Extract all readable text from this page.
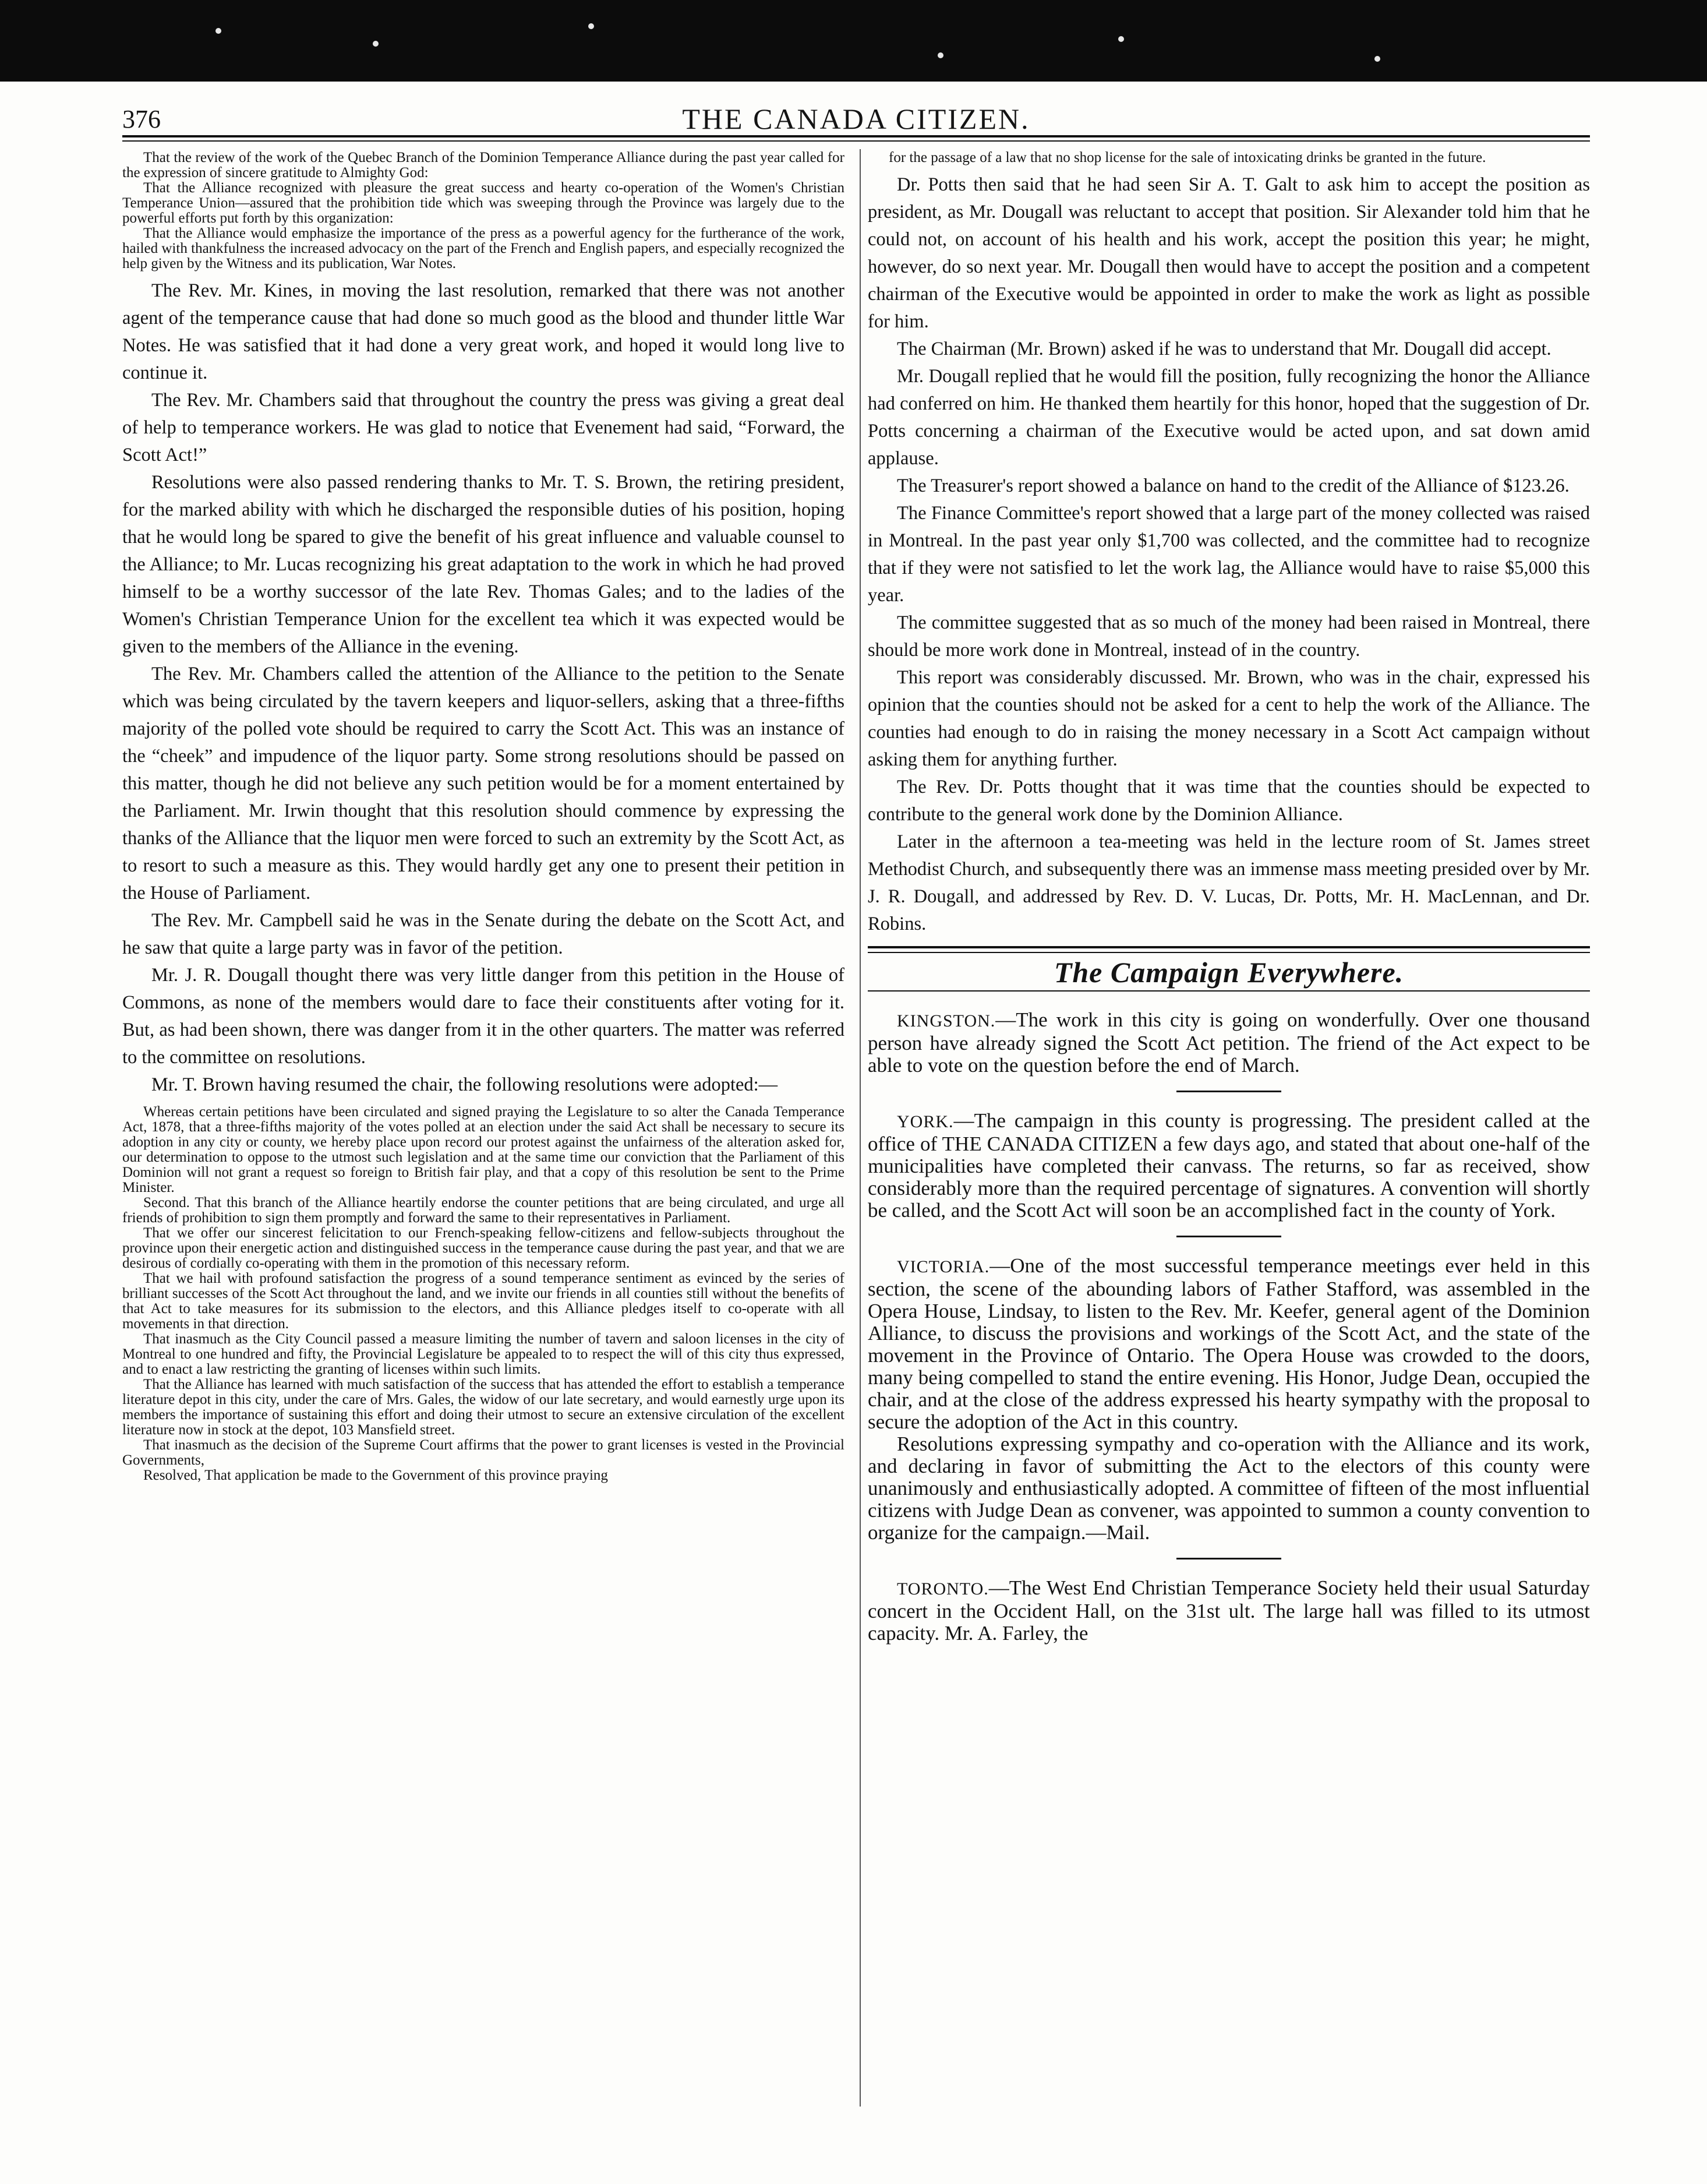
376	THE CANADA CITIZEN.

That the review of the work of the Quebec Branch of the Dominion Temperance Alliance during the past year called for the expression of sincere gratitude to Almighty God:

That the Alliance recognized with pleasure the great success and hearty co-operation of the Women's Christian Temperance Union—assured that the prohibition tide which was sweeping through the Province was largely due to the powerful efforts put forth by this organization:

That the Alliance would emphasize the importance of the press as a powerful agency for the furtherance of the work, hailed with thankfulness the increased advocacy on the part of the French and English papers, and especially recognized the help given by the Witness and its publication, War Notes.

The Rev. Mr. Kines, in moving the last resolution, remarked that there was not another agent of the temperance cause that had done so much good as the blood and thunder little War Notes. He was satisfied that it had done a very great work, and hoped it would long live to continue it.

The Rev. Mr. Chambers said that throughout the country the press was giving a great deal of help to temperance workers. He was glad to notice that Evenement had said, “Forward, the Scott Act!”

Resolutions were also passed rendering thanks to Mr. T. S. Brown, the retiring president, for the marked ability with which he discharged the responsible duties of his position, hoping that he would long be spared to give the benefit of his great influence and valuable counsel to the Alliance; to Mr. Lucas recognizing his great adaptation to the work in which he had proved himself to be a worthy successor of the late Rev. Thomas Gales; and to the ladies of the Women's Christian Temperance Union for the excellent tea which it was expected would be given to the members of the Alliance in the evening.

The Rev. Mr. Chambers called the attention of the Alliance to the petition to the Senate which was being circulated by the tavern keepers and liquor-sellers, asking that a three-fifths majority of the polled vote should be required to carry the Scott Act. This was an instance of the “cheek” and impudence of the liquor party. Some strong resolutions should be passed on this matter, though he did not believe any such petition would be for a moment entertained by the Parliament. Mr. Irwin thought that this resolution should commence by expressing the thanks of the Alliance that the liquor men were forced to such an extremity by the Scott Act, as to resort to such a measure as this. They would hardly get any one to present their petition in the House of Parliament.

The Rev. Mr. Campbell said he was in the Senate during the debate on the Scott Act, and he saw that quite a large party was in favor of the petition.

Mr. J. R. Dougall thought there was very little danger from this petition in the House of Commons, as none of the members would dare to face their constituents after voting for it. But, as had been shown, there was danger from it in the other quarters. The matter was referred to the committee on resolutions.

Mr. T. Brown having resumed the chair, the following resolutions were adopted:—

Whereas certain petitions have been circulated and signed praying the Legislature to so alter the Canada Temperance Act, 1878, that a three-fifths majority of the votes polled at an election under the said Act shall be necessary to secure its adoption in any city or county, we hereby place upon record our protest against the unfairness of the alteration asked for, our determination to oppose to the utmost such legislation and at the same time our conviction that the Parliament of this Dominion will not grant a request so foreign to British fair play, and that a copy of this resolution be sent to the Prime Minister.

Second. That this branch of the Alliance heartily endorse the counter petitions that are being circulated, and urge all friends of prohibition to sign them promptly and forward the same to their representatives in Parliament.

That we offer our sincerest felicitation to our French-speaking fellow-citizens and fellow-subjects throughout the province upon their energetic action and distinguished success in the temperance cause during the past year, and that we are desirous of cordially co-operating with them in the promotion of this necessary reform.

That we hail with profound satisfaction the progress of a sound temperance sentiment as evinced by the series of brilliant successes of the Scott Act throughout the land, and we invite our friends in all counties still without the benefits of that Act to take measures for its submission to the electors, and this Alliance pledges itself to co-operate with all movements in that direction.

That inasmuch as the City Council passed a measure limiting the number of tavern and saloon licenses in the city of Montreal to one hundred and fifty, the Provincial Legislature be appealed to to respect the will of this city thus expressed, and to enact a law restricting the granting of licenses within such limits.

That the Alliance has learned with much satisfaction of the success that has attended the effort to establish a temperance literature depot in this city, under the care of Mrs. Gales, the widow of our late secretary, and would earnestly urge upon its members the importance of sustaining this effort and doing their utmost to secure an extensive circulation of the excellent literature now in stock at the depot, 103 Mansfield street.

That inasmuch as the decision of the Supreme Court affirms that the power to grant licenses is vested in the Provincial Governments,

Resolved, That application be made to the Government of this province praying

for the passage of a law that no shop license for the sale of intoxicating drinks be granted in the future.

Dr. Potts then said that he had seen Sir A. T. Galt to ask him to accept the position as president, as Mr. Dougall was reluctant to accept that position. Sir Alexander told him that he could not, on account of his health and his work, accept the position this year; he might, however, do so next year. Mr. Dougall then would have to accept the position and a competent chairman of the Executive would be appointed in order to make the work as light as possible for him.

The Chairman (Mr. Brown) asked if he was to understand that Mr. Dougall did accept.

Mr. Dougall replied that he would fill the position, fully recognizing the honor the Alliance had conferred on him. He thanked them heartily for this honor, hoped that the suggestion of Dr. Potts concerning a chairman of the Executive would be acted upon, and sat down amid applause.

The Treasurer's report showed a balance on hand to the credit of the Alliance of $123.26.

The Finance Committee's report showed that a large part of the money collected was raised in Montreal. In the past year only $1,700 was collected, and the committee had to recognize that if they were not satisfied to let the work lag, the Alliance would have to raise $5,000 this year.

The committee suggested that as so much of the money had been raised in Montreal, there should be more work done in Montreal, instead of in the country.

This report was considerably discussed. Mr. Brown, who was in the chair, expressed his opinion that the counties should not be asked for a cent to help the work of the Alliance. The counties had enough to do in raising the money necessary in a Scott Act campaign without asking them for anything further.

The Rev. Dr. Potts thought that it was time that the counties should be expected to contribute to the general work done by the Dominion Alliance.

Later in the afternoon a tea-meeting was held in the lecture room of St. James street Methodist Church, and subsequently there was an immense mass meeting presided over by Mr. J. R. Dougall, and addressed by Rev. D. V. Lucas, Dr. Potts, Mr. H. MacLennan, and Dr. Robins.

The Campaign Everywhere.

KINGSTON.—The work in this city is going on wonderfully. Over one thousand person have already signed the Scott Act petition. The friend of the Act expect to be able to vote on the question before the end of March.

YORK.—The campaign in this county is progressing. The president called at the office of THE CANADA CITIZEN a few days ago, and stated that about one-half of the municipalities have completed their canvass. The returns, so far as received, show considerably more than the required percentage of signatures. A convention will shortly be called, and the Scott Act will soon be an accomplished fact in the county of York.

VICTORIA.—One of the most successful temperance meetings ever held in this section, the scene of the abounding labors of Father Stafford, was assembled in the Opera House, Lindsay, to listen to the Rev. Mr. Keefer, general agent of the Dominion Alliance, to discuss the provisions and workings of the Scott Act, and the state of the movement in the Province of Ontario. The Opera House was crowded to the doors, many being compelled to stand the entire evening. His Honor, Judge Dean, occupied the chair, and at the close of the address expressed his hearty sympathy with the proposal to secure the adoption of the Act in this country.

Resolutions expressing sympathy and co-operation with the Alliance and its work, and declaring in favor of submitting the Act to the electors of this county were unanimously and enthusiastically adopted. A committee of fifteen of the most influential citizens with Judge Dean as convener, was appointed to summon a county convention to organize for the campaign.—Mail.

TORONTO.—The West End Christian Temperance Society held their usual Saturday concert in the Occident Hall, on the 31st ult. The large hall was filled to its utmost capacity. Mr. A. Farley, the
